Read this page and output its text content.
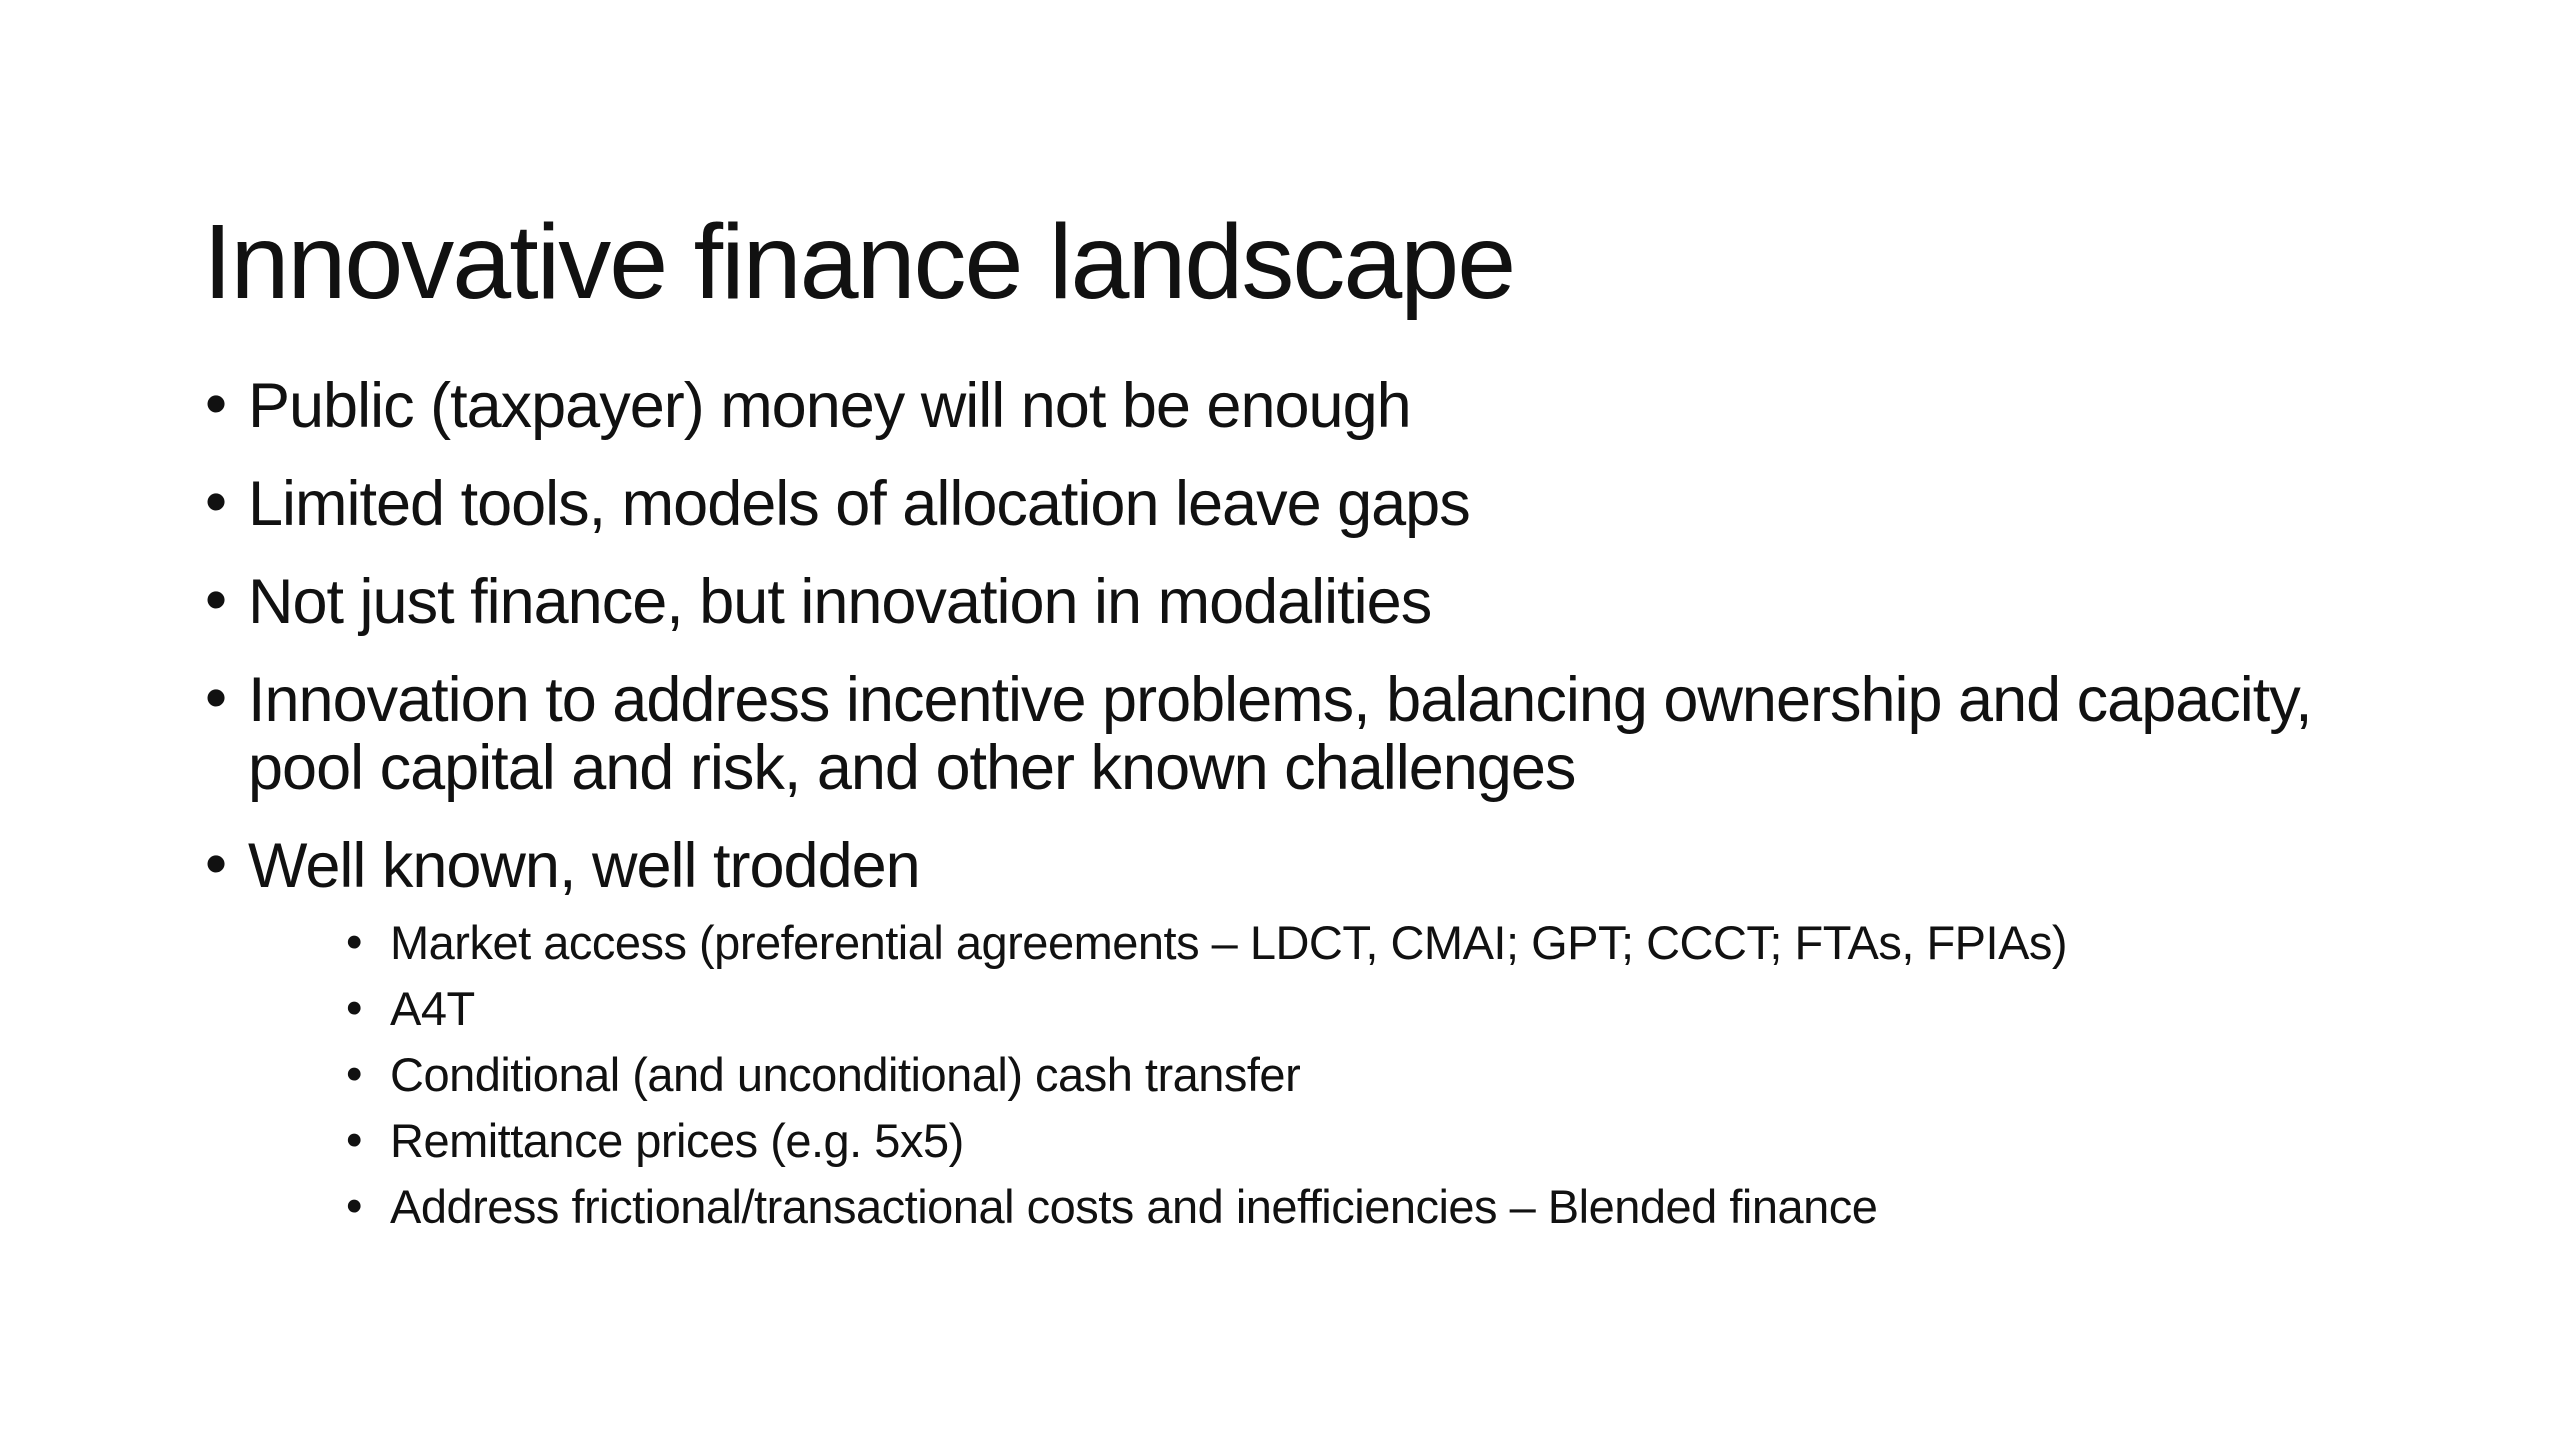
Innovative finance landscape
• Public (taxpayer) money will not be enough
• Limited tools, models of allocation leave gaps
• Not just finance, but innovation in modalities
• Innovation to address incentive problems, balancing ownership and capacity, pool capital and risk, and other known challenges
• Well known, well trodden
• Market access (preferential agreements – LDCT, CMAI; GPT; CCCT; FTAs, FPIAs)
• A4T
• Conditional (and unconditional) cash transfer
• Remittance prices (e.g. 5x5)
• Address frictional/transactional costs and inefficiencies – Blended finance
